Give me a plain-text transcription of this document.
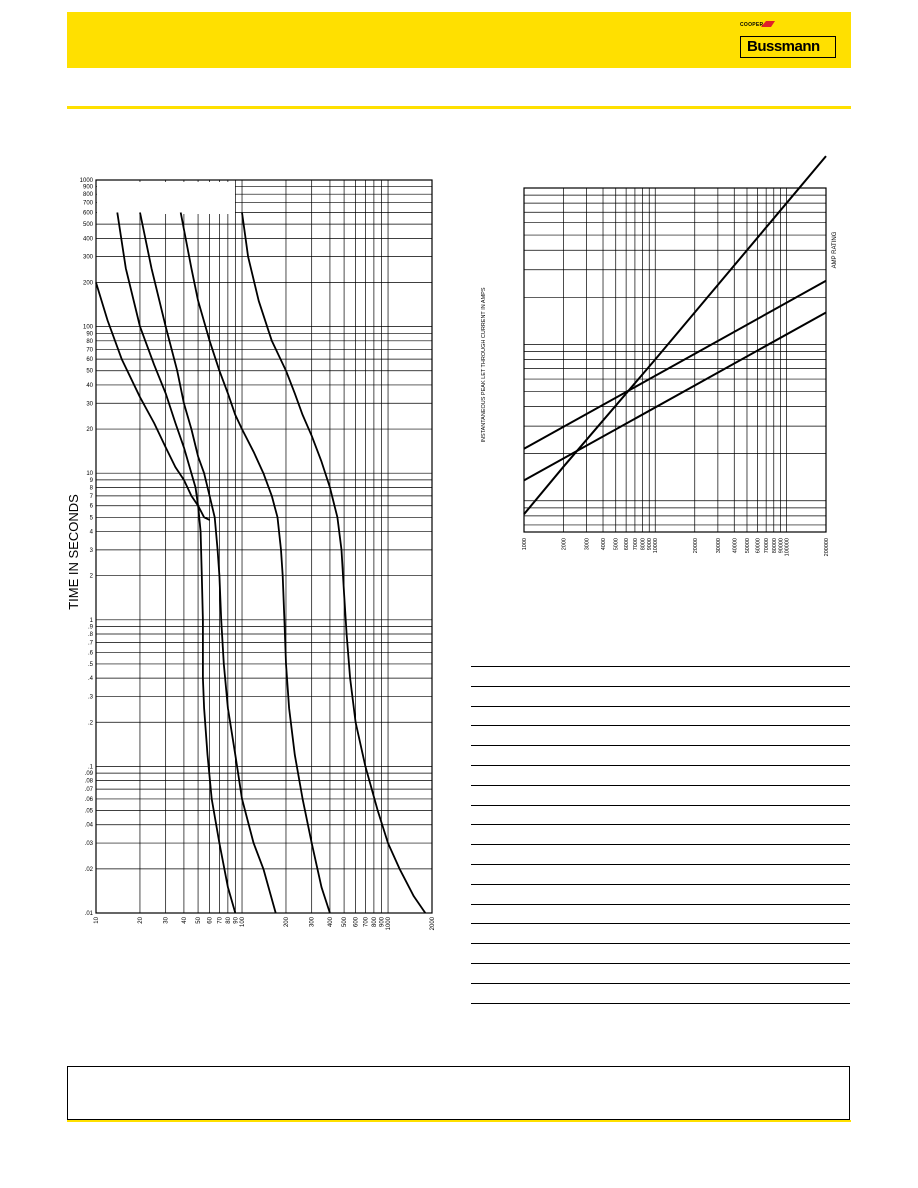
COOPER
Bussmann
1000
900
800
700
600
500
400
300
200
100
90
80
70
60
50
40
30
20
10
9
8
7
6
5
4
3
2
1
.9
.8
.7
.6
.5
.4
.3
.2
.1
.09
.08
.07
.06
.05
.04
.03
.02
.01
10	20	30 40 50 60 70 80 90 100	200	300 400 500 600 700 800 900 1000	2000
TIME IN SECONDS	1000	2000	3000 4000 5000 6000 7000 8000 9000 10000	20000	30000 40000 50000 60000 70000 80000 90000 100000	200000
INSTANTANEOUS PEAK LET THROUGH CURRENT IN AMPS
AMP RATING
